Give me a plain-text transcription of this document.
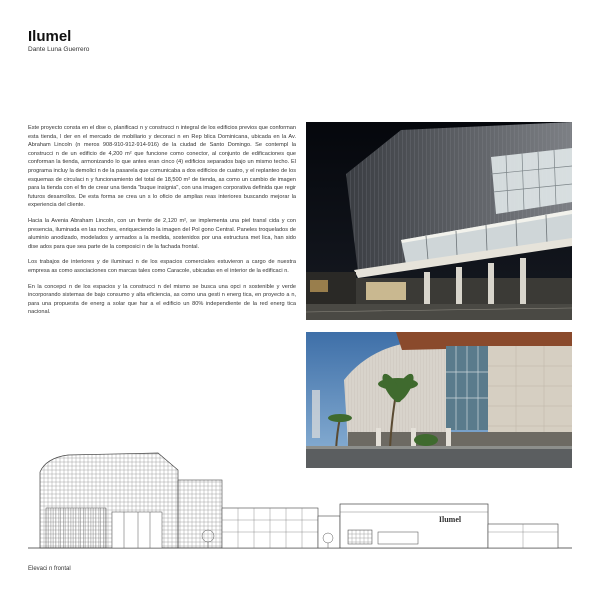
Ilumel
Dante Luna Guerrero

Este proyecto consta en el dise o, planificaci n y construcci n integral de los edificios previos que conforman esta tienda, l der en el mercado de mobiliario y decoraci n en Rep blica Dominicana, ubicada en la Av. Abraham Lincoln (n meros 908-910-912-914-916) de la ciudad de Santo Domingo. Se contempl la construcci n de un edificio de 4,200 m² que funcione como conector, al conjunto de edificaciones que conforman la tienda, armonizando lo que antes eran cinco (4) edificios separados bajo un mismo techo. El programa incluy la demolici n de la pasarela que comunicaba a dos edificios de cuatro, y el replanteo de los esquemas de circulaci n y funcionamiento del total de 18,500 m² de tienda, as como un cambio de imagen para la tienda con el fin de crear una tienda "buque insignia", con una imagen corporativa definida que regir futuros desarrollos. De esta forma se crea un s lo oficio de amplias reas interiores buscando mejorar la experiencia del cliente.

Hacia la Avenia Abraham Lincoln, con un frente de 2,120 m², se implementa una piel transl cida y con presencia, iluminada en las noches, enriqueciendo la imagen del Pol gono Central. Paneles troquelados de aluminio anodizado, modelados y armados a la medida, sostenidos por una estructura met lica, han sido dise ados para que sea parte de la composici n de la fachada frontal.

Los trabajos de interiores y de iluminaci n de los espacios comerciales estuvieron a cargo de nuestra empresa as como asociaciones con marcas tales como Caracole, ubicadas en el interior de la edificaci n.

En la concepci n de los espacios y la construcci n del mismo se busca una opci n sostenible y verde incorporando sistemas de bajo consumo y alta eficiencia, as como una gesti n energ tica, en proyecto a n, para una propuesta de energ a solar que har a el edificio un 80% independiente de la red energ tica nacional.

Ilumel
Elevaci n frontal
